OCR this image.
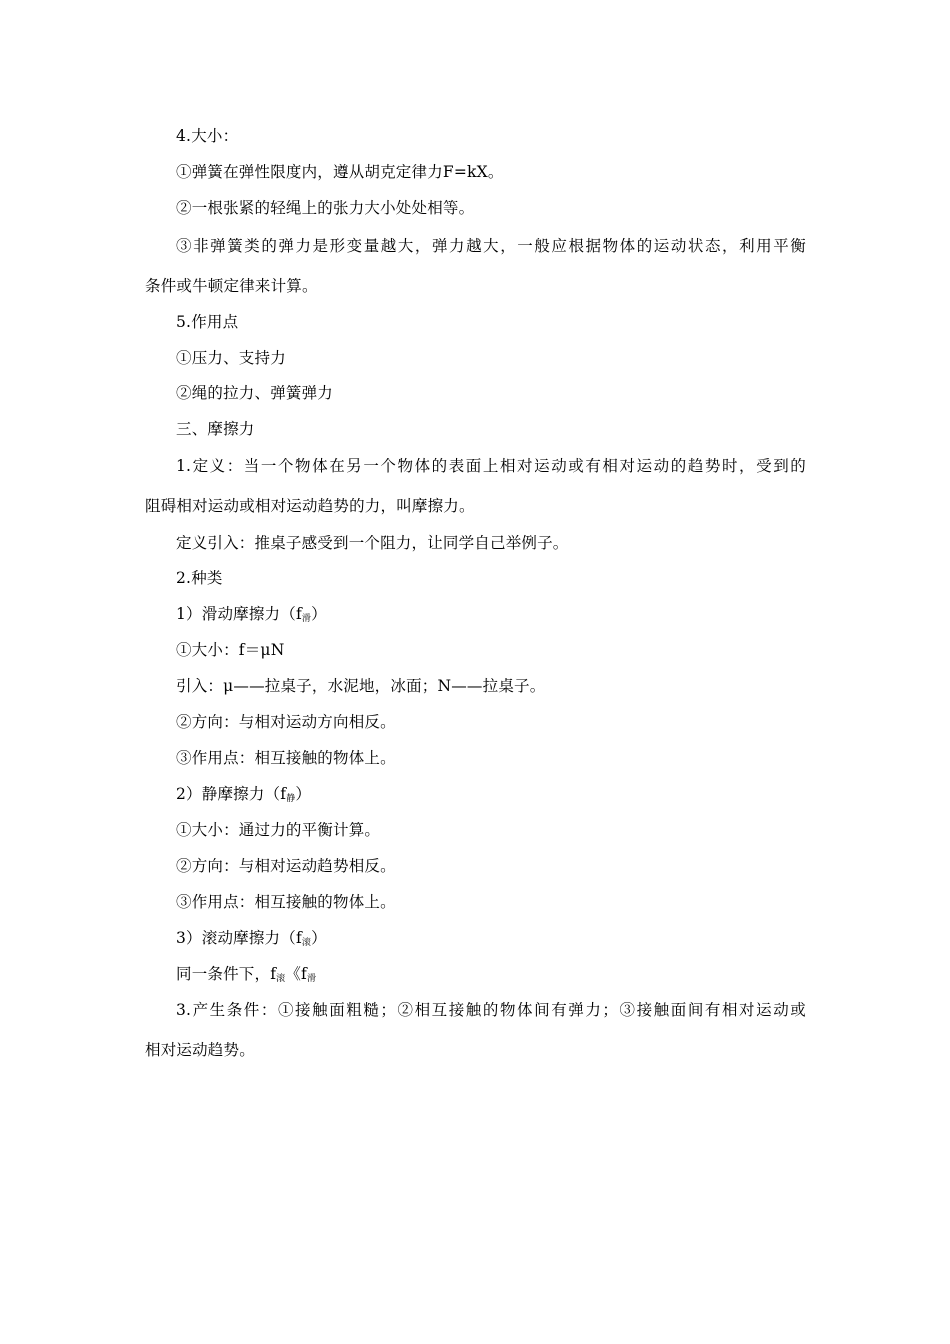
4.大小：
①弹簧在弹性限度内，遵从胡克定律力F=kX。
②一根张紧的轻绳上的张力大小处处相等。
③非弹簧类的弹力是形变量越大，弹力越大，一般应根据物体的运动状态，利用平衡
条件或牛顿定律来计算。
5.作用点
①压力、支持力
②绳的拉力、弹簧弹力
三、摩擦力
1.定义：当一个物体在另一个物体的表面上相对运动或有相对运动的趋势时，受到的
阻碍相对运动或相对运动趋势的力，叫摩擦力。
定义引入：推桌子感受到一个阻力，让同学自己举例子。
2.种类
1）滑动摩擦力$(f_滑)$
①大小：f＝μN
引入：μ——拉桌子，水泥地，冰面；N——拉桌子。
②方向：与相对运动方向相反。
③作用点：相互接触的物体上。
2）静摩擦力$(f_静)$
①大小：通过力的平衡计算。
②方向：与相对运动趋势相反。
③作用点：相互接触的物体上。
3）滚动摩擦力$(f_滚)$
同一条件下，$f_滚$《$f_滑$
3.产生条件：①接触面粗糙；②相互接触的物体间有弹力；③接触面间有相对运动或
相对运动趋势。
